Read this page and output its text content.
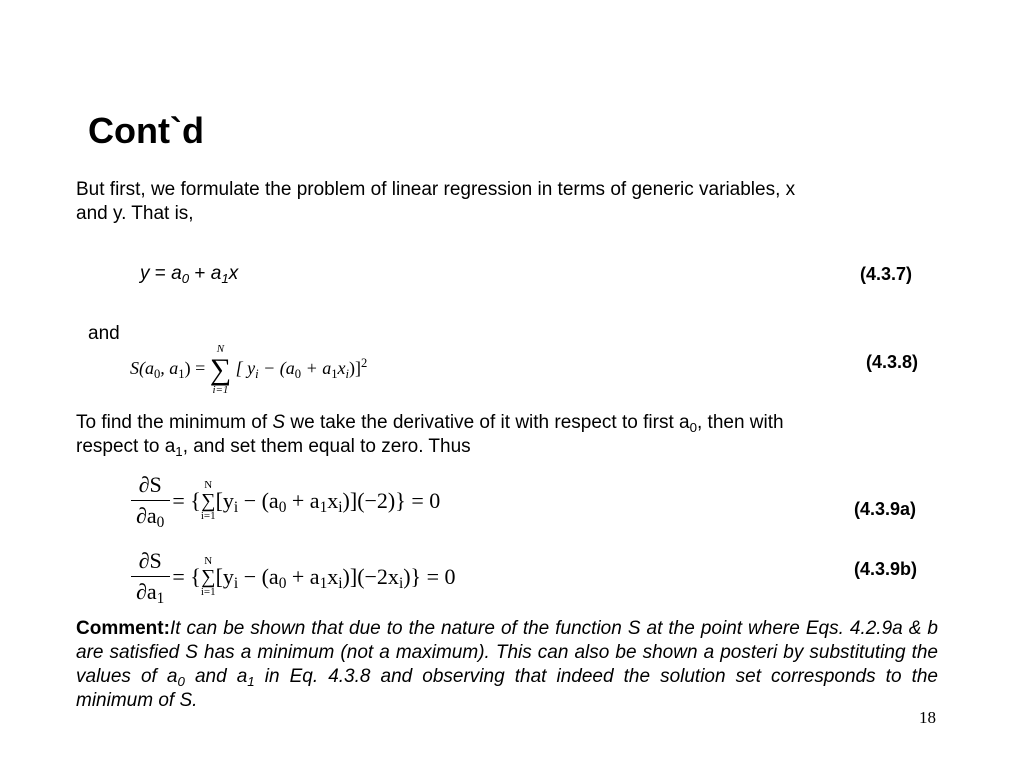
Cont`d
But first, we formulate the problem of linear regression in terms of generic variables, x
and y. That is,
$y = a_0 + a_1x$	(4.3.7)
and
$S(a_0$, $a_1$) =
N
∑
i=1
[ $y_i - (a_0 + a_1x_i)]^2$	(4.3.8)
To find the minimum of S we take the derivative of it with respect to first $a_0$, then with
respect to $a_1$, and set them equal to zero. Thus
$\frac{\partial S}{\partial a_0}$ = {
N
∑
i=1
$[y_i - (a_0 + a_1x_i)](-2)\} = 0$	(4.3.9a)
$\frac{\partial S}{\partial a_1}$ = {
N
∑
i=1
$[y_i - (a_0 + a_1x_i)](-2x_i)\} = 0$	(4.3.9b)
Comment:It can be shown that due to the nature of the function S at the point where Eqs. 4.2.9a & b are satisfied S has a minimum (not a maximum). This can also be shown a posteri by substituting the values of $a_0$ and $a_1$ in Eq. 4.3.8 and observing that indeed the solution set corresponds to the minimum of S.
18
